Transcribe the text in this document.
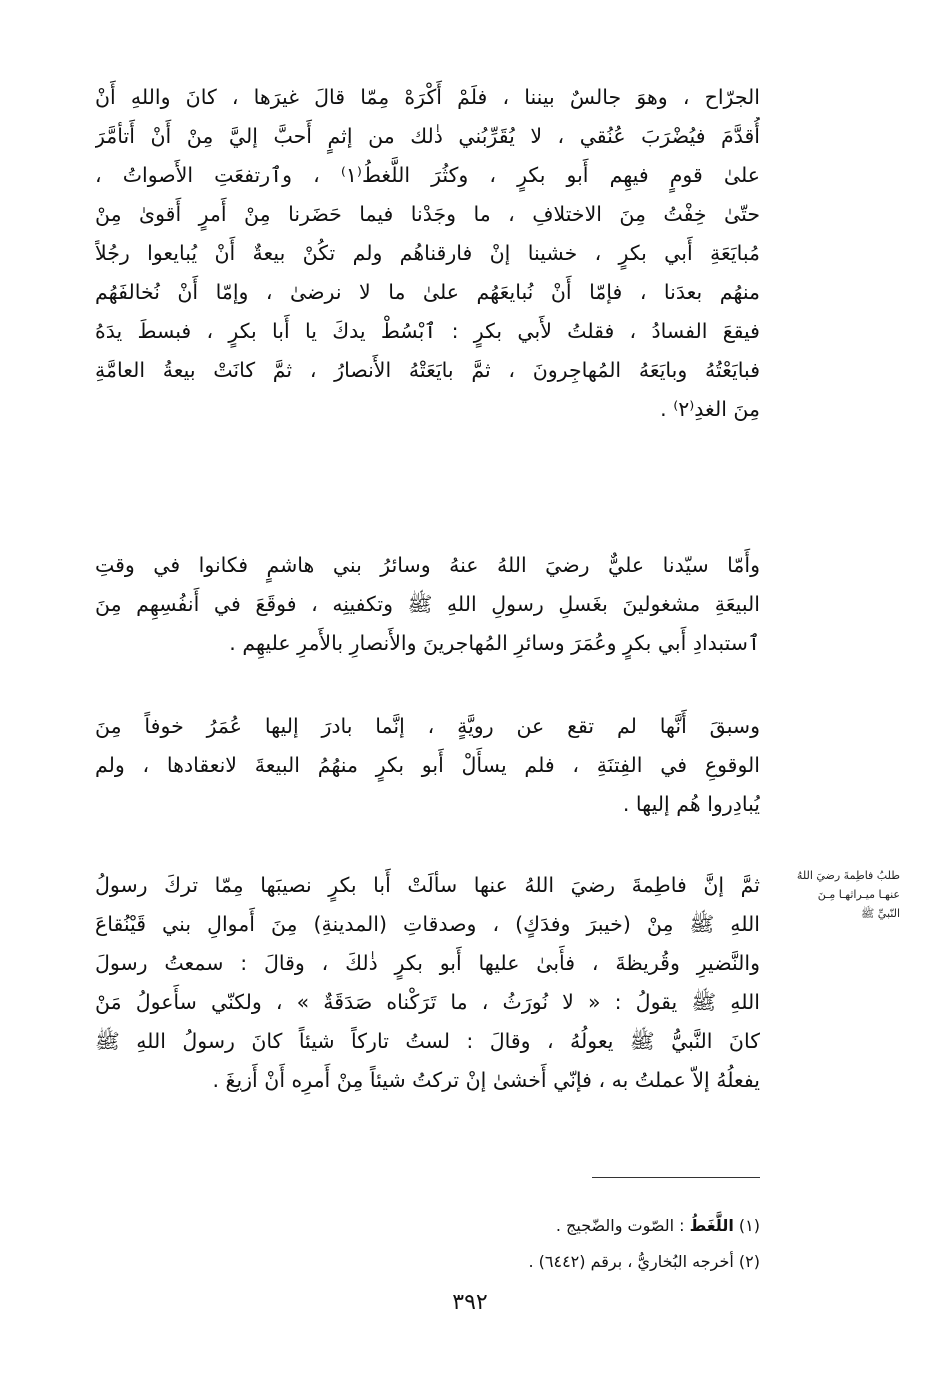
الجرّاح ، وهوَ جالسٌ بيننا ، فلَمْ أَكْرَهْ مِمّا قالَ غيرَها ، كانَ واللهِ أَنْ
أُقدَّمَ فيُضْرَبَ عُنُقي ، لا يُقَرِّبُني ذٰلك من إثمٍ أَحبَّ إليَّ مِنْ أَنْ أَتأمَّرَ
علىٰ قومٍ فيهِم أَبو بكرٍ ، وكثُرَ اللَّغطُ⁽١⁾ ، وٱرتفعَتِ الأَصواتُ ،
حتّىٰ خِفْتُ مِنَ الاختلافِ ، ما وجَدْنا فيما حَضَرنا مِنْ أَمرٍ أَقوىٰ مِنْ
مُبايَعَةِ أَبي بكرٍ ، خشينا إنْ فارقناهُم ولم تكُنْ بيعةٌ أَنْ يُبايعوا رجُلاً
منهُم بعدَنا ، فإمّا أَنْ نُبايعَهُم علىٰ ما لا نرضىٰ ، وإمّا أَنْ نُخالفَهُم
فيقعَ الفسادُ ، فقلتُ لأَبي بكرٍ : ٱبْسُطْ يدكَ يا أَبا بكرٍ ، فبسطَ يدَهُ
فبايَعْتُهُ وبايَعَهُ المُهاجِرونَ ، ثمَّ بايَعَتْهُ الأَنصارُ ، ثمَّ كانَتْ بيعةُ العامَّةِ
مِنَ الغدِ⁽٢⁾ .
وأَمّا سيّدنا عليٌّ رضيَ اللهُ عنهُ وسائرُ بني هاشمٍ فكانوا في وقتِ
البيعَةِ مشغولينَ بغَسلِ رسولِ اللهِ ﷺ وتكفينِه ، فوقَعَ في أَنفُسِهِم مِنَ
ٱستبدادِ أَبي بكرٍ وعُمَرَ وسائرِ المُهاجرينَ والأَنصارِ بالأَمرِ عليهِم .
وسبقَ أَنَّها لم تقع عن رويَّةٍ ، إنَّما بادرَ إليها عُمَرُ خوفاً مِنَ
الوقوعِ في الفِتنَةِ ، فلم يسأَلْ أَبو بكرٍ منهُمُ البيعةَ لانعقادها ، ولم
يُبادِروا هُم إليها .
طلبُ فاطِمةَ رضيَ اللهُ
عنهـا ميـراثهـا مِـنَ
النّبيِّ ﷺ
ثمَّ إنَّ فاطِمةَ رضيَ اللهُ عنها سألَتْ أَبا بكرٍ نصيبَها مِمّا تركَ رسولُ
اللهِ ﷺ مِنْ (خيبرَ وفدَكٍ) ، وصدقاتِ (المدينةِ) مِنَ أَموالِ بني قَيْنُقاعَ
والنَّضيرِ وقُريظةَ ، فأَبىٰ عليها أَبو بكرٍ ذٰلكَ ، وقالَ : سمعتُ رسولَ
اللهِ ﷺ يقولُ : « لا نُورَثُ ، ما تَرَكْناه صَدَقَةٌ » ، ولكنّي سأَعولُ مَنْ
كانَ النَّبيُّ ﷺ يعولُهُ ، وقالَ : لستُ تاركاً شيئاً كانَ رسولُ اللهِ ﷺ
يفعلُهُ إلاّ عملتُ به ، فإنّي أَخشىٰ إنْ تركتُ شيئاً مِنْ أَمرِه أَنْ أَزيغَ .
(١) اللَّغَطُ : الصّوت والضّجيج .
(٢) أخرجه البُخاريُّ ، برقم (٦٤٤٢) .
٣٩٢
